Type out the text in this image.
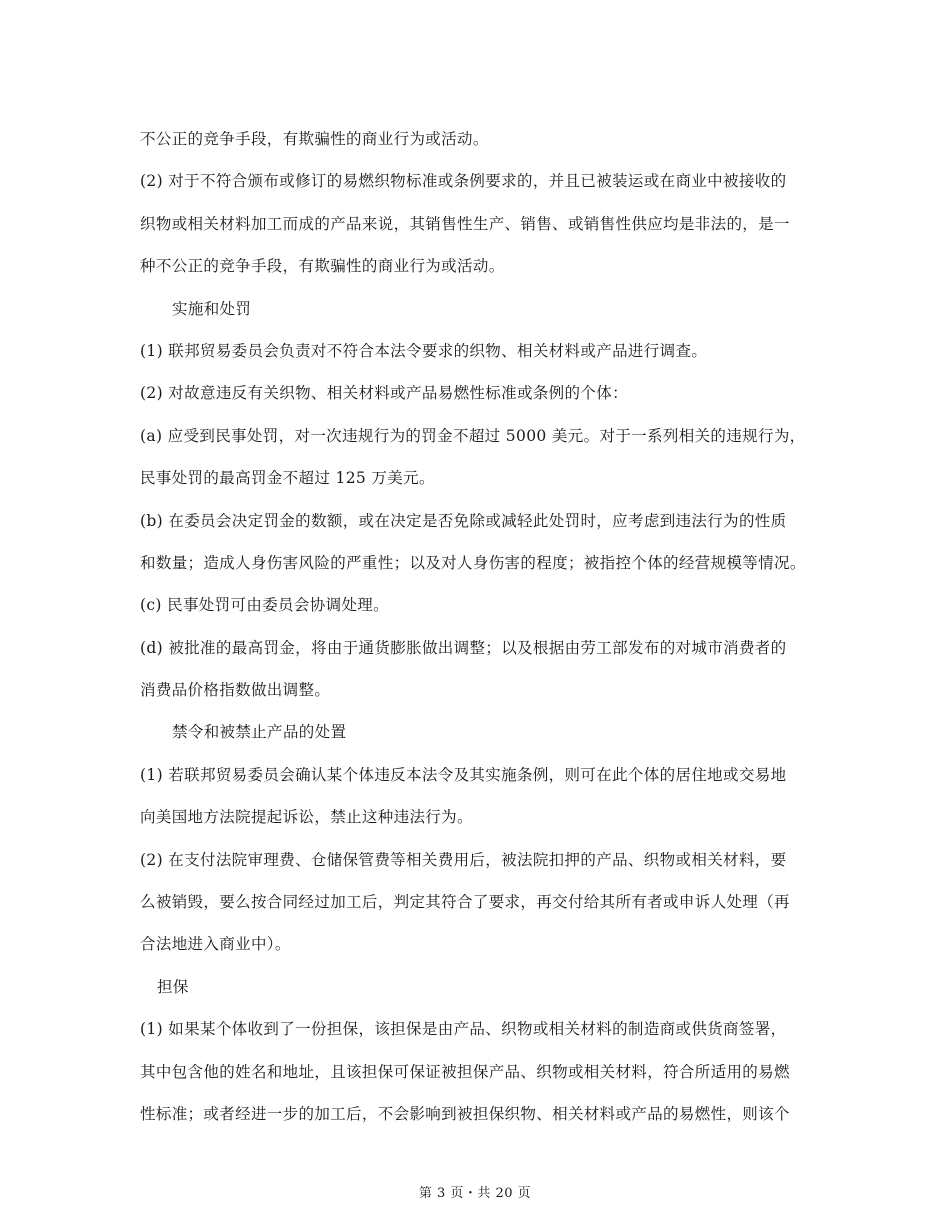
不公正的竞争手段，有欺骗性的商业行为或活动。
(2) 对于不符合颁布或修订的易燃织物标准或条例要求的，并且已被装运或在商业中被接收的
织物或相关材料加工而成的产品来说，其销售性生产、销售、或销售性供应均是非法的，是一
种不公正的竞争手段，有欺骗性的商业行为或活动。
实施和处罚
(1) 联邦贸易委员会负责对不符合本法令要求的织物、相关材料或产品进行调查。
(2) 对故意违反有关织物、相关材料或产品易燃性标准或条例的个体：
(a) 应受到民事处罚，对一次违规行为的罚金不超过 5000 美元。对于一系列相关的违规行为，
民事处罚的最高罚金不超过 125 万美元。
(b) 在委员会决定罚金的数额，或在决定是否免除或减轻此处罚时，应考虑到违法行为的性质
和数量；造成人身伤害风险的严重性；以及对人身伤害的程度；被指控个体的经营规模等情况。
(c) 民事处罚可由委员会协调处理。
(d) 被批准的最高罚金，将由于通货膨胀做出调整；以及根据由劳工部发布的对城市消费者的
消费品价格指数做出调整。
禁令和被禁止产品的处置
(1) 若联邦贸易委员会确认某个体违反本法令及其实施条例，则可在此个体的居住地或交易地
向美国地方法院提起诉讼，禁止这种违法行为。
(2) 在支付法院审理费、仓储保管费等相关费用后，被法院扣押的产品、织物或相关材料，要
么被销毁，要么按合同经过加工后，判定其符合了要求，再交付给其所有者或申诉人处理（再
合法地进入商业中）。
担保
(1) 如果某个体收到了一份担保，该担保是由产品、织物或相关材料的制造商或供货商签署，
其中包含他的姓名和地址，且该担保可保证被担保产品、织物或相关材料，符合所适用的易燃
性标准；或者经进一步的加工后，不会影响到被担保织物、相关材料或产品的易燃性，则该个
第 3 页・共 20 页
